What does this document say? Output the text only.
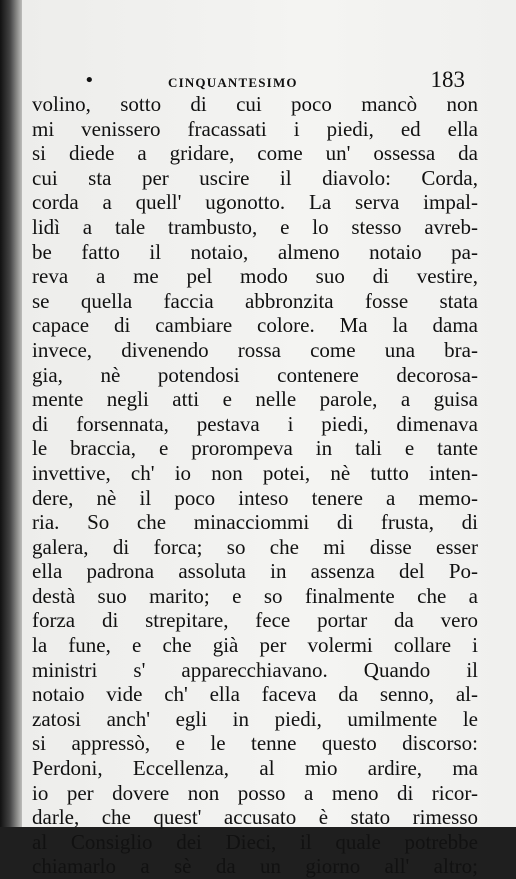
•	CINQUANTESIMO	183
volino, sotto di cui poco mancò non
mi venissero fracassati i piedi, ed ella
si diede a gridare, come un' ossessa da
cui sta per uscire il diavolo: Corda,
corda a quell' ugonotto. La serva impal-
lidì a tale trambusto, e lo stesso avreb-
be fatto il notaio, almeno notaio pa-
reva a me pel modo suo di vestire,
se quella faccia abbronzita fosse stata
capace di cambiare colore. Ma la dama
invece, divenendo rossa come una bra-
gia, nè potendosi contenere decorosa-
mente negli atti e nelle parole, a guisa
di forsennata, pestava i piedi, dimenava
le braccia, e prorompeva in tali e tante
invettive, ch' io non potei, nè tutto inten-
dere, nè il poco inteso tenere a memo-
ria. So che minacciommi di frusta, di
galera, di forca; so che mi disse esser
ella padrona assoluta in assenza del Po-
destà suo marito; e so finalmente che a
forza di strepitare, fece portar da vero
la fune, e che già per volermi collare i
ministri s' apparecchiavano. Quando il
notaio vide ch' ella faceva da senno, al-
zatosi anch' egli in piedi, umilmente le
si appressò, e le tenne questo discorso:
Perdoni, Eccellenza, al mio ardire, ma
io per dovere non posso a meno di ricor-
darle, che quest' accusato è stato rimesso
al Consiglio dei Dieci, il quale potrebbe
chiamarlo a sè da un giorno all' altro;
